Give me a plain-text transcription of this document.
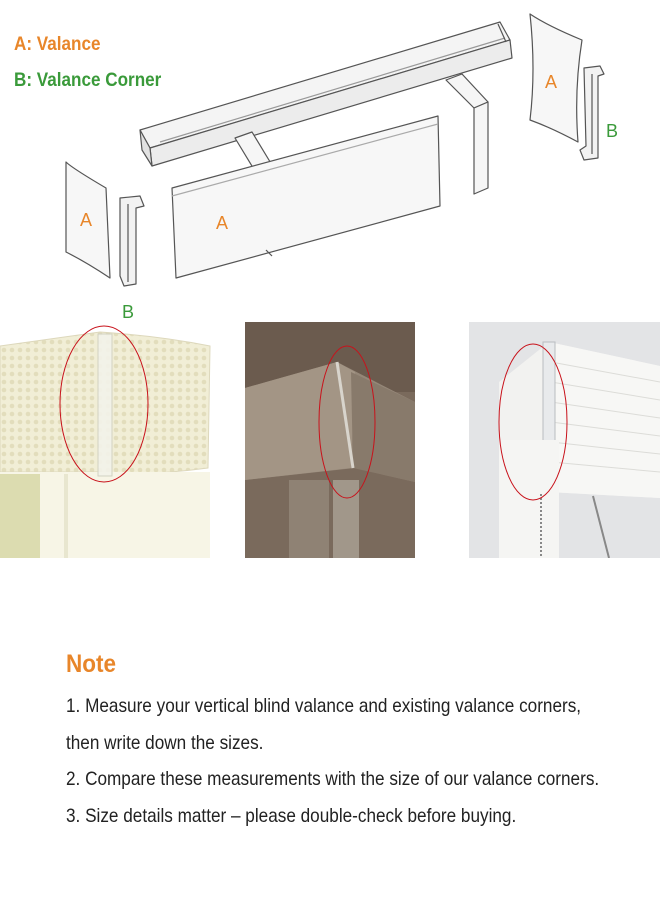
A	A
A
B
B
A: Valance
B: Valance Corner
Note
1. Measure your vertical blind valance and existing valance corners,
then write down the sizes.
2. Compare these measurements with the size of our valance corners.
3. Size details matter – please double-check before buying.
